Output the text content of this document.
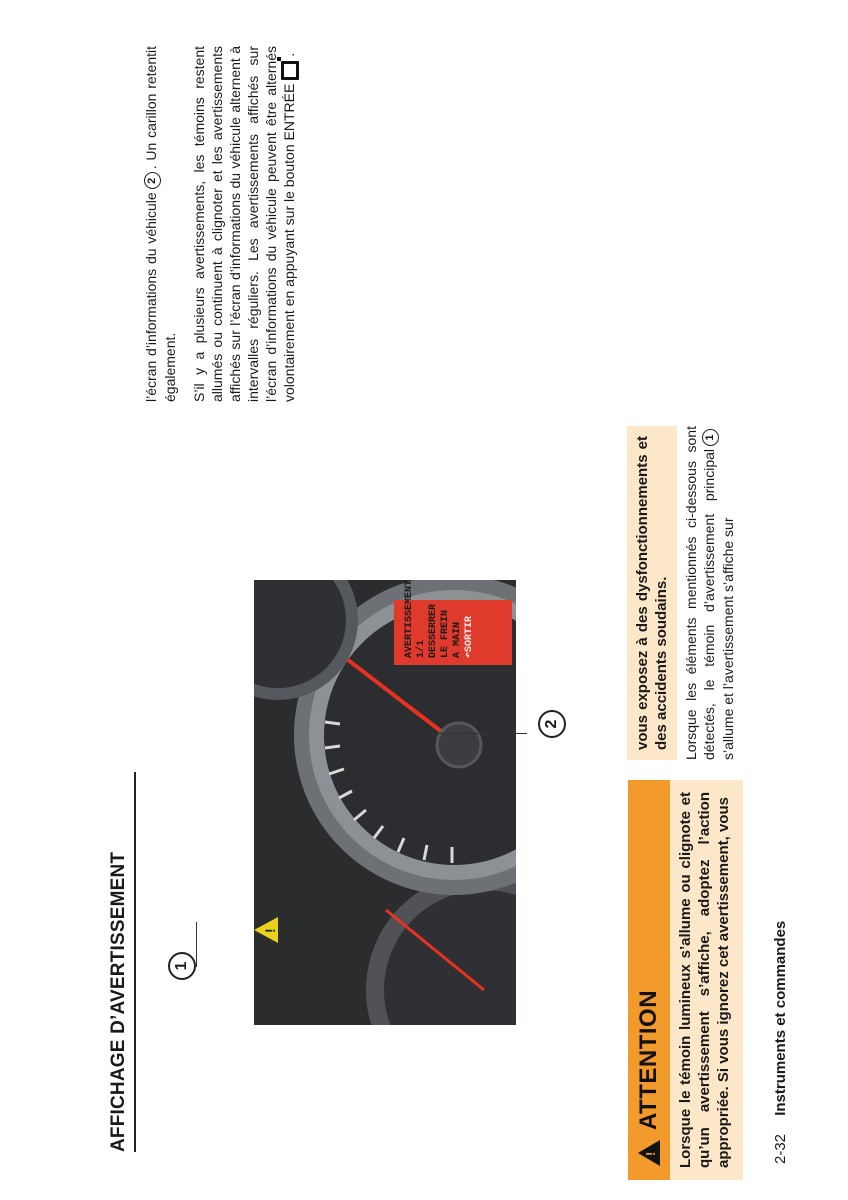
2-32 Instruments et commandes
AFFICHAGE D’AVERTISSEMENT
!
ATTENTION	Lorsque le témoin lumineux s’allume ou clignote et qu’un avertissement s’affiche, adoptez l’action appropriée. Si vous ignorez cet avertissement, vous
!
AVERTISSEMENT 1/1 DESSERRER LE FREIN A MAIN ↶SORTIR
1
2	vous exposez à des dysfonctionnements et des accidents soudains. Lorsque les éléments mentionnés ci-dessous sont détectés, le témoin d’avertissement principal1s’allume et l’avertissement s’affiche sur
l’écran d’informations du véhicule2. Un carillon retentit également. S’il y a plusieurs avertissements, les témoins restent allumés ou continuent à clignoter et les avertissements affichés sur l’écran d’informations du véhicule alternent à intervalles réguliers. Les avertissements affichés sur l’écran d’informations du véhicule peuvent être alternés volontairement en appuyant sur le bouton ENTRÉE.
